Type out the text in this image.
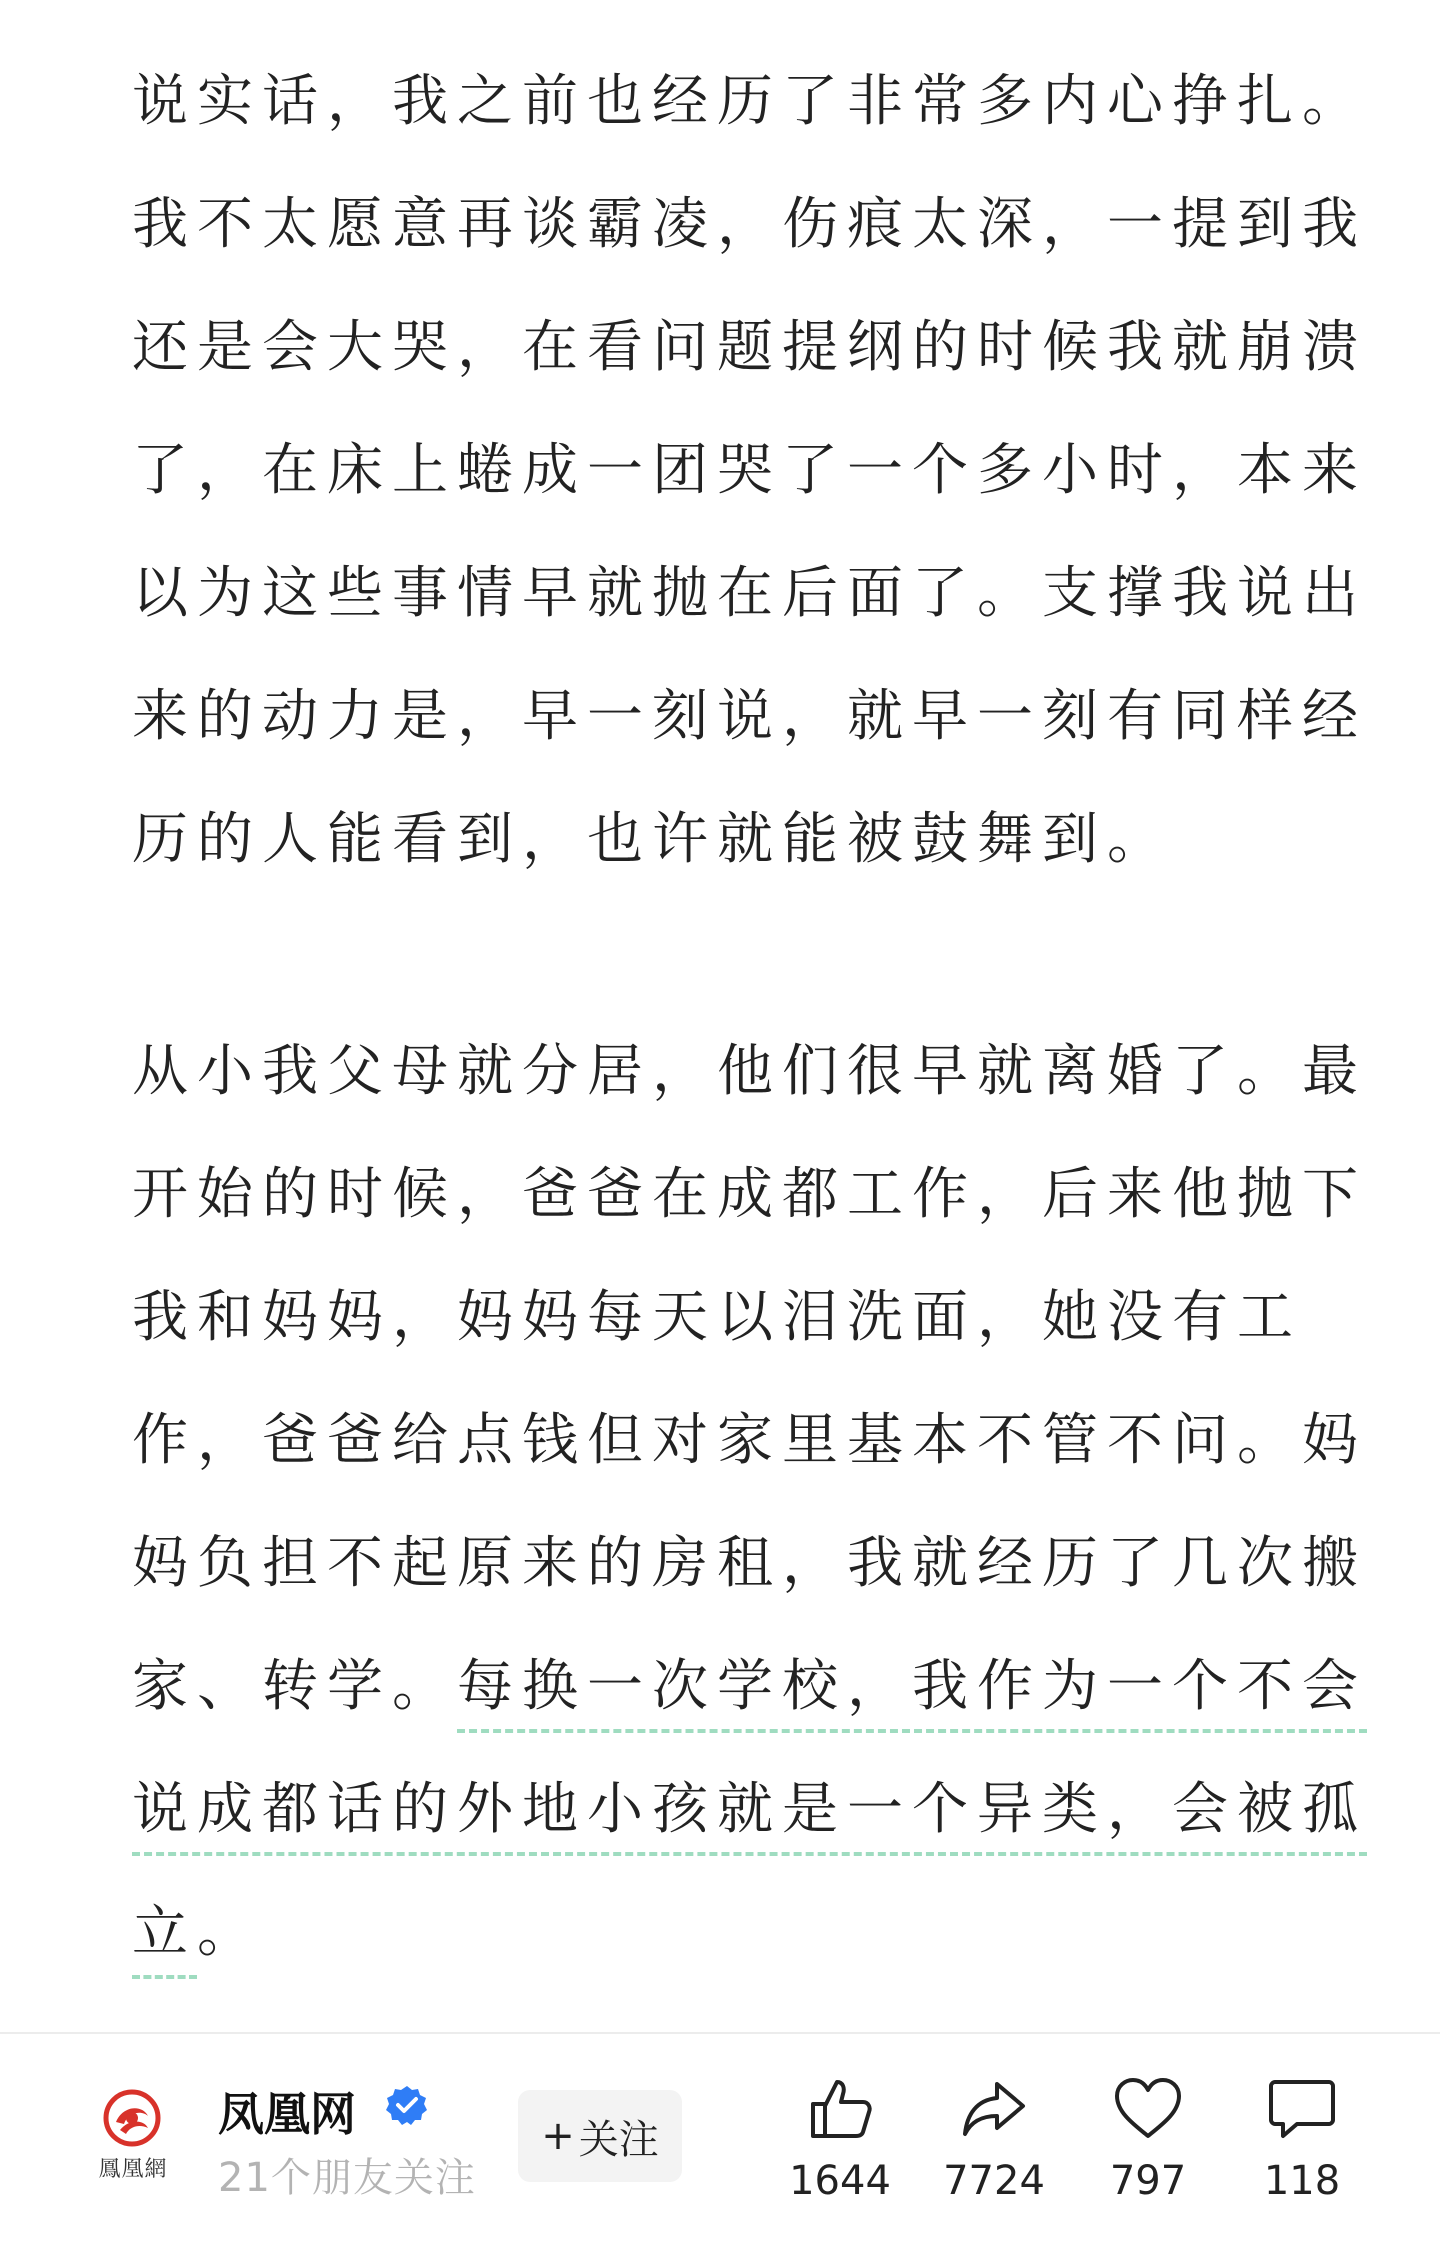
说实话，我之前也经历了非常多内心挣扎。
我不太愿意再谈霸凌，伤痕太深，一提到我
还是会大哭，在看问题提纲的时候我就崩溃
了，在床上蜷成一团哭了一个多小时，本来
以为这些事情早就抛在后面了。支撑我说出
来的动力是，早一刻说，就早一刻有同样经
历的人能看到，也许就能被鼓舞到。
从小我父母就分居，他们很早就离婚了。最
开始的时候，爸爸在成都工作，后来他抛下
我和妈妈，妈妈每天以泪洗面，她没有工
作，爸爸给点钱但对家里基本不管不问。妈
妈负担不起原来的房租，我就经历了几次搬
家、转学。每换一次学校，我作为一个不会
说成都话的外地小孩就是一个异类，会被孤
立。
鳳凰網
凤凰网
21个朋友关注
+ 关注
1644	7724	797	118
